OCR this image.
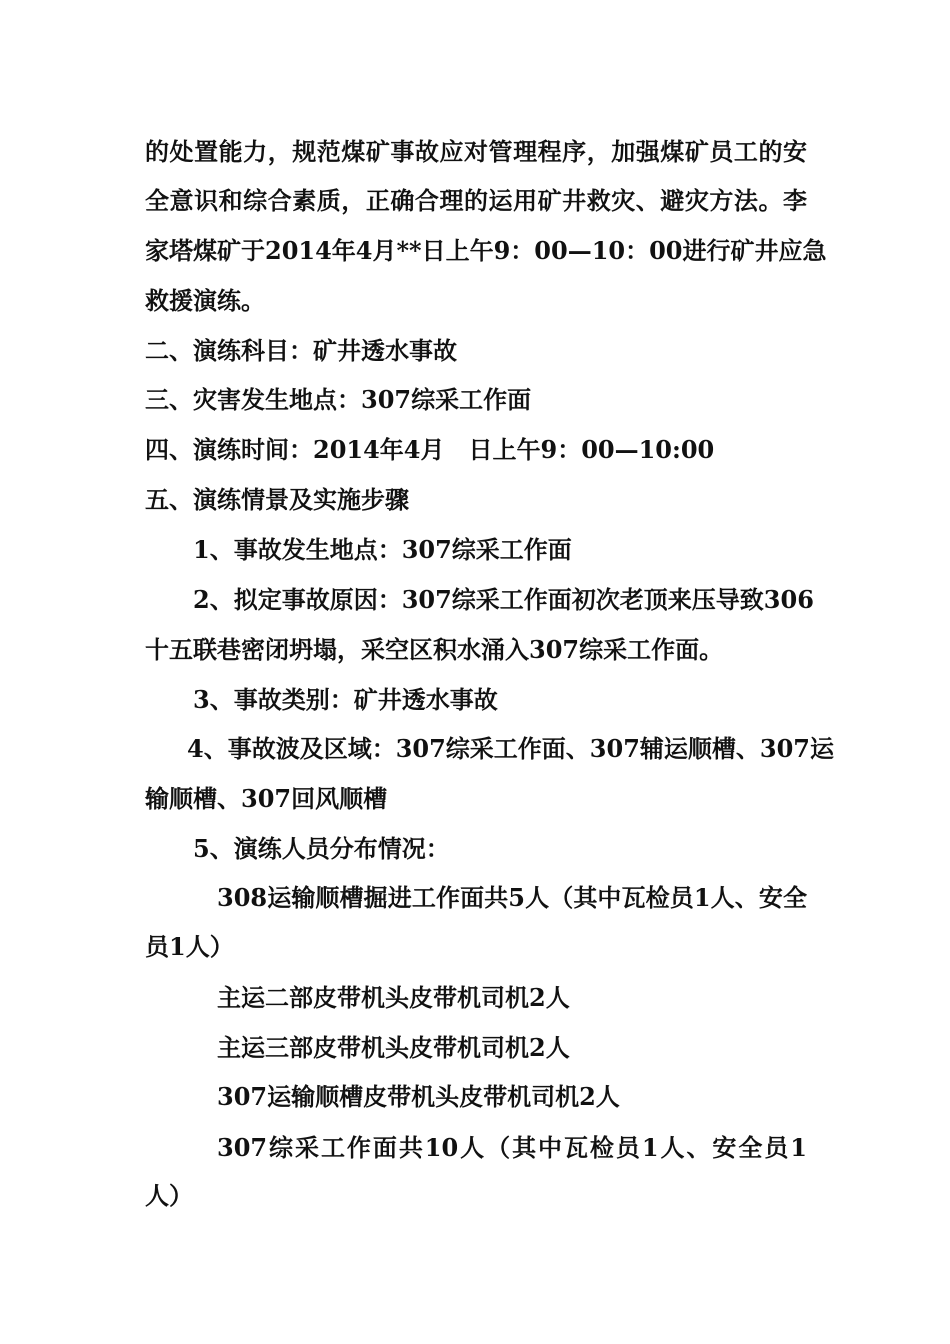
的处置能力，规范煤矿事故应对管理程序，加强煤矿员工的安
全意识和综合素质，正确合理的运用矿井救灾、避灾方法。李
家塔煤矿于2014年4月**日上午9：00—10：00进行矿井应急
救援演练。
二、演练科目：矿井透水事故
三、灾害发生地点：307综采工作面
四、演练时间：2014年4月　日上午9：00—10:00
五、演练情景及实施步骤
1、事故发生地点：307综采工作面
2、拟定事故原因：307综采工作面初次老顶来压导致306
十五联巷密闭坍塌，采空区积水涌入307综采工作面。
3、事故类别：矿井透水事故
4、事故波及区域：307综采工作面、307辅运顺槽、307运
输顺槽、307回风顺槽
5、演练人员分布情况：
308运输顺槽掘进工作面共5人（其中瓦检员1人、安全
员1人）
主运二部皮带机头皮带机司机2人
主运三部皮带机头皮带机司机2人
307运输顺槽皮带机头皮带机司机2人
307综采工作面共10人（其中瓦检员1人、安全员1
人）
